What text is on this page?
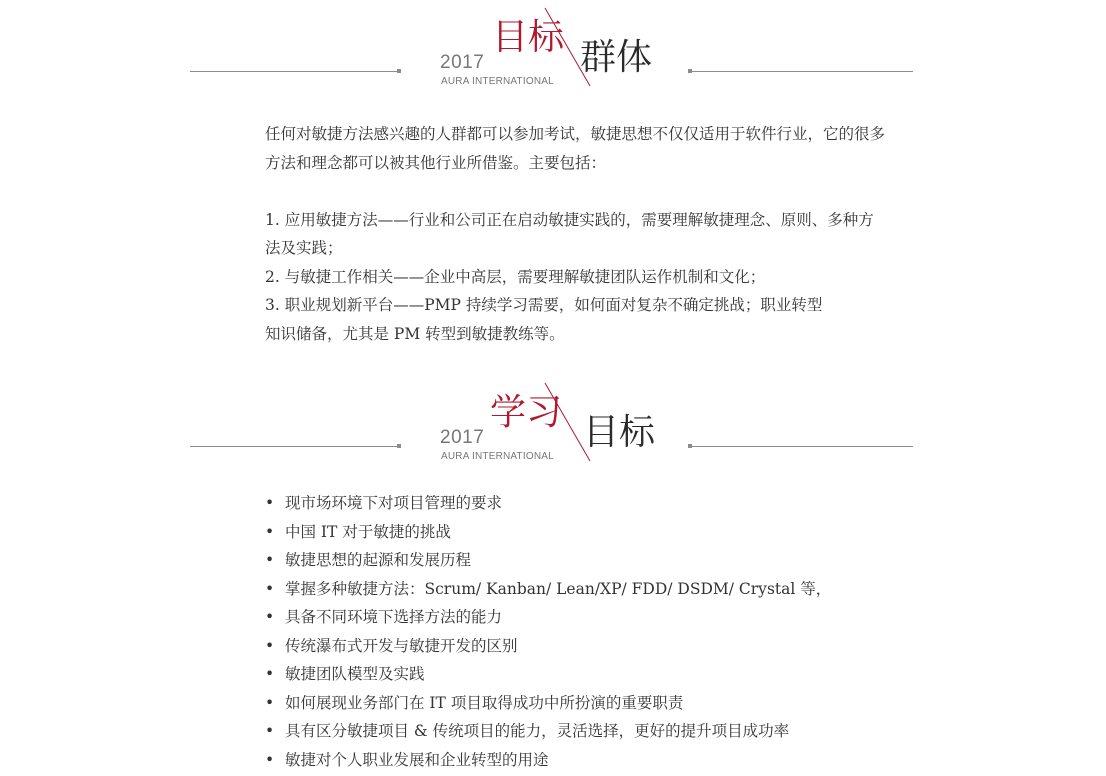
2017
AURA INTERNATIONAL
目标 群体

任何对敏捷方法感兴趣的人群都可以参加考试，敏捷思想不仅仅适用于软件行业，它的很多方法和理念都可以被其他行业所借鉴。主要包括：

1. 应用敏捷方法——行业和公司正在启动敏捷实践的，需要理解敏捷理念、原则、多种方法及实践；

2. 与敏捷工作相关——企业中高层，需要理解敏捷团队运作机制和文化；

3. 职业规划新平台——PMP 持续学习需要，如何面对复杂不确定挑战；职业转型知识储备，尤其是 PM 转型到敏捷教练等。

2017
AURA INTERNATIONAL
学习 目标
• 现市场环境下对项目管理的要求
• 中国 IT 对于敏捷的挑战
• 敏捷思想的起源和发展历程
• 掌握多种敏捷方法：Scrum/ Kanban/ Lean/XP/ FDD/ DSDM/ Crystal 等，
• 具备不同环境下选择方法的能力
• 传统瀑布式开发与敏捷开发的区别
• 敏捷团队模型及实践
• 如何展现业务部门在 IT 项目取得成功中所扮演的重要职责
• 具有区分敏捷项目 & 传统项目的能力，灵活选择，更好的提升项目成功率
• 敏捷对个人职业发展和企业转型的用途
